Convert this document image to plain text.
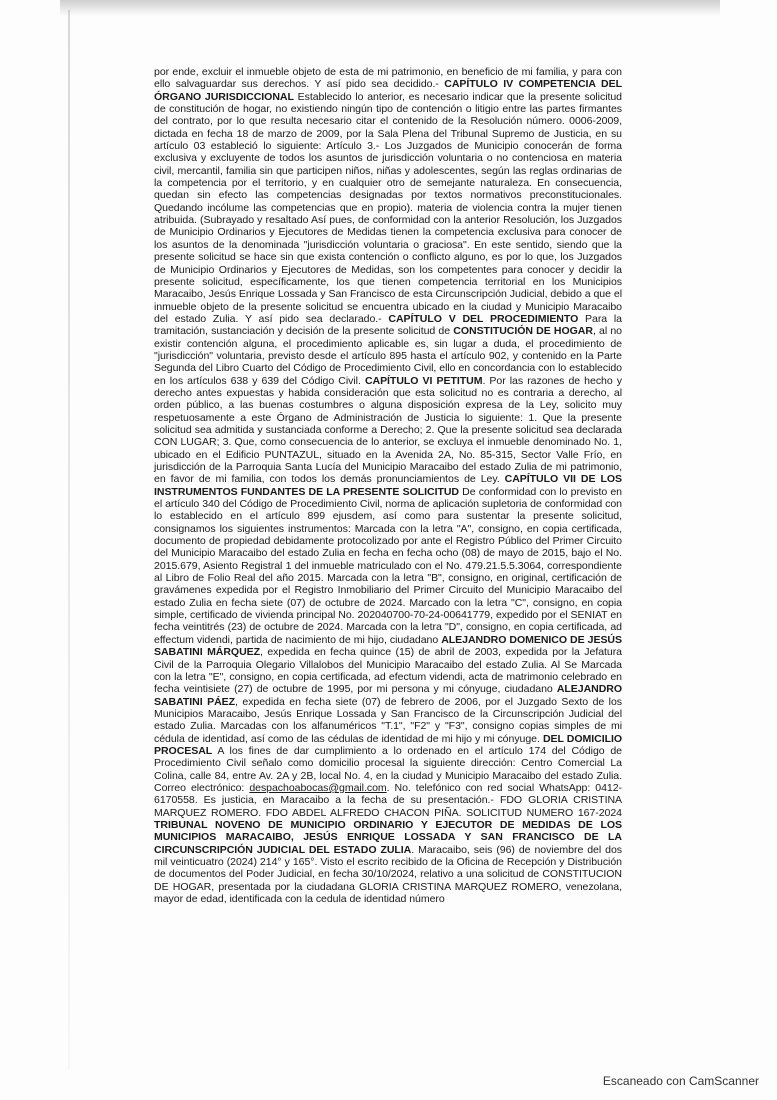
por ende, excluir el inmueble objeto de esta de mi patrimonio, en beneficio de mi familia, y para con ello salvaguardar sus derechos. Y así pido sea decidido.- CAPÍTULO IV COMPETENCIA DEL ÓRGANO JURISDICCIONAL Establecido lo anterior, es necesario indicar que la presente solicitud de constitución de hogar, no existiendo ningún tipo de contención o litigio entre las partes firmantes del contrato, por lo que resulta necesario citar el contenido de la Resolución número. 0006-2009, dictada en fecha 18 de marzo de 2009, por la Sala Plena del Tribunal Supremo de Justicia, en su artículo 03 estableció lo siguiente: Artículo 3.- Los Juzgados de Municipio conocerán de forma exclusiva y excluyente de todos los asuntos de jurisdicción voluntaria o no contenciosa en materia civil, mercantil, familia sin que participen niños, niñas y adolescentes, según las reglas ordinarias de la competencia por el territorio, y en cualquier otro de semejante naturaleza. En consecuencia, quedan sin efecto las competencias designadas por textos normativos preconstitucionales. Quedando incólume las competencias que en propio). materia de violencia contra la mujer tienen atribuida. (Subrayado y resaltado Así pues, de conformidad con la anterior Resolución, los Juzgados de Municipio Ordinarios y Ejecutores de Medidas tienen la competencia exclusiva para conocer de los asuntos de la denominada "jurisdicción voluntaria o graciosa". En este sentido, siendo que la presente solicitud se hace sin que exista contención o conflicto alguno, es por lo que, los Juzgados de Municipio Ordinarios y Ejecutores de Medidas, son los competentes para conocer y decidir la presente solicitud, específicamente, los que tienen competencia territorial en los Municipios Maracaibo, Jesús Enrique Lossada y San Francisco de esta Circunscripción Judicial, debido a que el inmueble objeto de la presente solicitud se encuentra ubicado en la ciudad y Municipio Maracaibo del estado Zulia. Y así pido sea declarado.- CAPÍTULO V DEL PROCEDIMIENTO Para la tramitación, sustanciación y decisión de la presente solicitud de CONSTITUCIÓN DE HOGAR, al no existir contención alguna, el procedimiento aplicable es, sin lugar a duda, el procedimiento de "jurisdicción" voluntaria, previsto desde el artículo 895 hasta el artículo 902, y contenido en la Parte Segunda del Libro Cuarto del Código de Procedimiento Civil, ello en concordancia con lo establecido en los artículos 638 y 639 del Código Civil. CAPÍTULO VI PETITUM. Por las razones de hecho y derecho antes expuestas y habida consideración que esta solicitud no es contraria a derecho, al orden público, a las buenas costumbres o alguna disposición expresa de la Ley, solicito muy respetuosamente a este Órgano de Administración de Justicia lo siguiente: 1. Que la presente solicitud sea admitida y sustanciada conforme a Derecho; 2. Que la presente solicitud sea declarada CON LUGAR; 3. Que, como consecuencia de lo anterior, se excluya el inmueble denominado No. 1, ubicado en el Edificio PUNTAZUL, situado en la Avenida 2A, No. 85-315, Sector Valle Frío, en jurisdicción de la Parroquia Santa Lucía del Municipio Maracaibo del estado Zulia de mi patrimonio, en favor de mi familia, con todos los demás pronunciamientos de Ley. CAPÍTULO VII DE LOS INSTRUMENTOS FUNDANTES DE LA PRESENTE SOLICITUD De conformidad con lo previsto en el artículo 340 del Código de Procedimiento Civil, norma de aplicación supletoria de conformidad con lo establecido en el artículo 899 ejusdem, así como para sustentar la presente solicitud, consignamos los siguientes instrumentos: Marcada con la letra "A", consigno, en copia certificada, documento de propiedad debidamente protocolizado por ante el Registro Público del Primer Circuito del Municipio Maracaibo del estado Zulia en fecha en fecha ocho (08) de mayo de 2015, bajo el No. 2015.679, Asiento Registral 1 del inmueble matriculado con el No. 479.21.5.5.3064, correspondiente al Libro de Folio Real del año 2015. Marcada con la letra "B", consigno, en original, certificación de gravámenes expedida por el Registro Inmobiliario del Primer Circuito del Municipio Maracaibo del estado Zulia en fecha siete (07) de octubre de 2024. Marcado con la letra "C", consigno, en copia simple, certificado de vivienda principal No. 202040700-70-24-00641779, expedido por el SENIAT en fecha veintitrés (23) de octubre de 2024. Marcada con la letra "D", consigno, en copia certificada, ad effectum videndi, partida de nacimiento de mi hijo, ciudadano ALEJANDRO DOMENICO DE JESÚS SABATINI MÁRQUEZ, expedida en fecha quince (15) de abril de 2003, expedida por la Jefatura Civil de la Parroquia Olegario Villalobos del Municipio Maracaibo del estado Zulia. Al Se Marcada con la letra "E", consigno, en copia certificada, ad efectum videndi, acta de matrimonio celebrado en fecha veintisiete (27) de octubre de 1995, por mi persona y mi cónyuge, ciudadano ALEJANDRO SABATINI PÁEZ, expedida en fecha siete (07) de febrero de 2006, por el Juzgado Sexto de los Municipios Maracaibo, Jesús Enrique Lossada y San Francisco de la Circunscripción Judicial del estado Zulia. Marcadas con los alfanuméricos "T.1", "F2" y "F3", consigno copias simples de mi cédula de identidad, así como de las cédulas de identidad de mi hijo y mi cónyuge. DEL DOMICILIO PROCESAL A los fines de dar cumplimiento a lo ordenado en el artículo 174 del Código de Procedimiento Civil señalo como domicilio procesal la siguiente dirección: Centro Comercial La Colina, calle 84, entre Av. 2A y 2B, local No. 4, en la ciudad y Municipio Maracaibo del estado Zulia. Correo electrónico: despachoabocas@gmail.com. No. telefónico con red social WhatsApp: 0412-6170558. Es justicia, en Maracaibo a la fecha de su presentación.- FDO GLORIA CRISTINA MARQUEZ ROMERO. FDO ABDEL ALFREDO CHACON PIÑA. SOLICITUD NUMERO 167-2024 TRIBUNAL NOVENO DE MUNICIPIO ORDINARIO Y EJECUTOR DE MEDIDAS DE LOS MUNICIPIOS MARACAIBO, JESÚS ENRIQUE LOSSADA Y SAN FRANCISCO DE LA CIRCUNSCRIPCIÓN JUDICIAL DEL ESTADO ZULIA. Maracaibo, seis (96) de noviembre del dos mil veinticuatro (2024) 214° y 165°. Visto el escrito recibido de la Oficina de Recepción y Distribución de documentos del Poder Judicial, en fecha 30/10/2024, relativo a una solicitud de CONSTITUCION DE HOGAR, presentada por la ciudadana GLORIA CRISTINA MARQUEZ ROMERO, venezolana, mayor de edad, identificada con la cedula de identidad número

Escaneado con CamScanner
